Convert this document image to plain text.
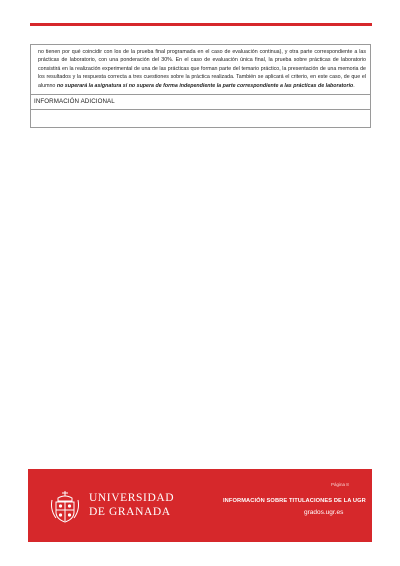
no tienen por qué coincidir con los de la prueba final programada en el caso de evaluación continua), y otra parte correspondiente a las prácticas de laboratorio, con una ponderación del 30%. En el caso de evaluación única final, la prueba sobre prácticas de laboratorio consistirá en la realización experimental de una de las prácticas que forman parte del temario práctico, la presentación de una memoria de los resultados y la respuesta correcta a tres cuestiones sobre la práctica realizada. También se aplicará el criterio, en este caso, de que el alumno no superará la asignatura si no supera de forma independiente la parte correspondiente a las prácticas de laboratorio.
INFORMACIÓN ADICIONAL
UNIVERSIDAD
DE GRANADA
Página 8
INFORMACIÓN SOBRE TITULACIONES DE LA UGR
grados.ugr.es
